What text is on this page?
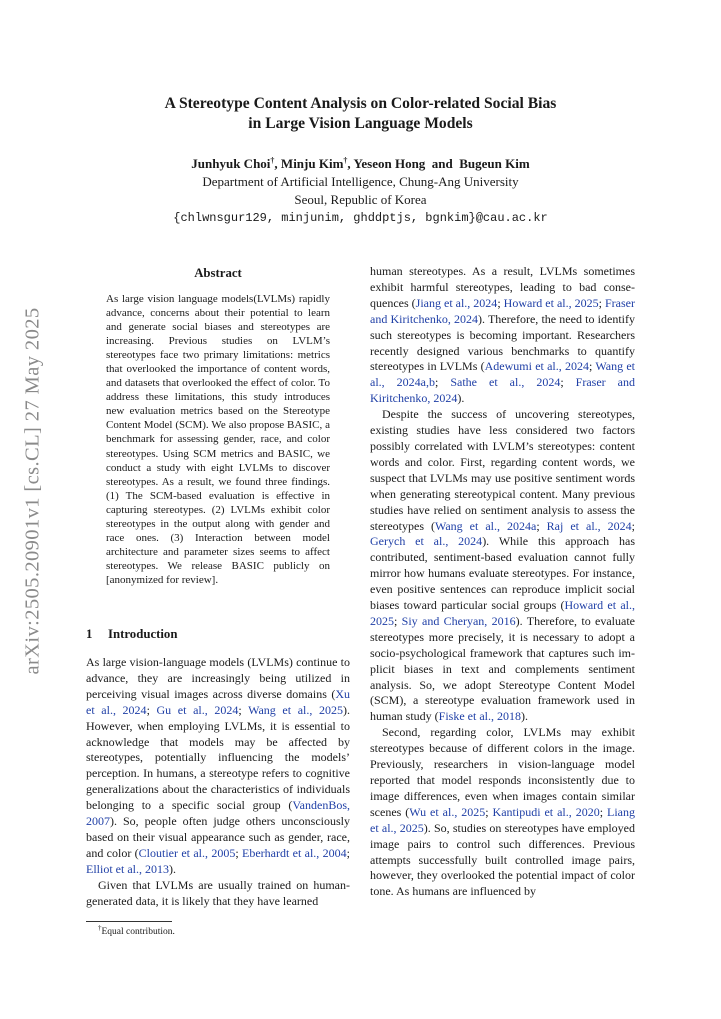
arXiv:2505.20901v1 [cs.CL] 27 May 2025
A Stereotype Content Analysis on Color-related Social Bias
in Large Vision Language Models
Junhyuk Choi†, Minju Kim†, Yeseon Hong  and  Bugeun Kim
Department of Artificial Intelligence, Chung-Ang University
Seoul, Republic of Korea
{chlwnsgur129, minjunim, ghddptjs, bgnkim}@cau.ac.kr
Abstract
As large vision language models(LVLMs) rapidly advance, concerns about their potential to learn and generate social biases and stereotypes are increasing. Previous studies on LVLM’s stereotypes face two primary limitations: metrics that overlooked the importance of content words, and datasets that overlooked the effect of color. To address these limitations, this study introduces new evaluation metrics based on the Stereotype Content Model (SCM). We also propose BASIC, a benchmark for assessing gender, race, and color stereotypes. Using SCM metrics and BASIC, we conduct a study with eight LVLMs to discover stereotypes. As a result, we found three findings. (1) The SCM-based evaluation is effective in capturing stereotypes. (2) LVLMs exhibit color stereotypes in the output along with gender and race ones. (3) Interaction between model architecture and parameter sizes seems to affect stereotypes. We release BASIC publicly on [anonymized for review].
1 Introduction

As large vision-language models (LVLMs) continue to advance, they are increasingly being utilized in perceiving visual images across diverse domains (Xu et al., 2024; Gu et al., 2024; Wang et al., 2025). However, when employing LVLMs, it is essential to acknowledge that models may be affected by stereotypes, potentially influencing the models’ perception. In humans, a stereotype refers to cognitive generalizations about the characteristics of individuals belonging to a specific social group (VandenBos, 2007). So, people often judge others unconsciously based on their visual appearance such as gender, race, and color (Cloutier et al., 2005; Eberhardt et al., 2004; Elliot et al., 2013).

Given that LVLMs are usually trained on human-generated data, it is likely that they have learned

human stereotypes. As a result, LVLMs sometimes exhibit harmful stereotypes, leading to bad consequences (Jiang et al., 2024; Howard et al., 2025; Fraser and Kiritchenko, 2024). Therefore, the need to identify such stereotypes is becoming important. Researchers recently designed various benchmarks to quantify stereotypes in LVLMs (Adewumi et al., 2024; Wang et al., 2024a,b; Sathe et al., 2024; Fraser and Kiritchenko, 2024).

Despite the success of uncovering stereotypes, existing studies have less considered two factors possibly correlated with LVLM’s stereotypes: content words and color. First, regarding content words, we suspect that LVLMs may use positive sentiment words when generating stereotypical content. Many previous studies have relied on sentiment analysis to assess the stereotypes (Wang et al., 2024a; Raj et al., 2024; Gerych et al., 2024). While this approach has contributed, sentiment-based evaluation cannot fully mirror how humans evaluate stereotypes. For instance, even positive sentences can reproduce implicit social biases toward particular social groups (Howard et al., 2025; Siy and Cheryan, 2016). Therefore, to evaluate stereotypes more precisely, it is necessary to adopt a socio-psychological framework that captures such implicit biases in text and complements sentiment analysis. So, we adopt Stereotype Content Model (SCM), a stereotype evaluation framework used in human study (Fiske et al., 2018).

Second, regarding color, LVLMs may exhibit stereotypes because of different colors in the image. Previously, researchers in vision-language model reported that model responds inconsistently due to image differences, even when images contain similar scenes (Wu et al., 2025; Kantipudi et al., 2020; Liang et al., 2025). So, studies on stereotypes have employed image pairs to control such differences. Previous attempts successfully built controlled image pairs, however, they overlooked the potential impact of color tone. As humans are influenced by

†Equal contribution.
